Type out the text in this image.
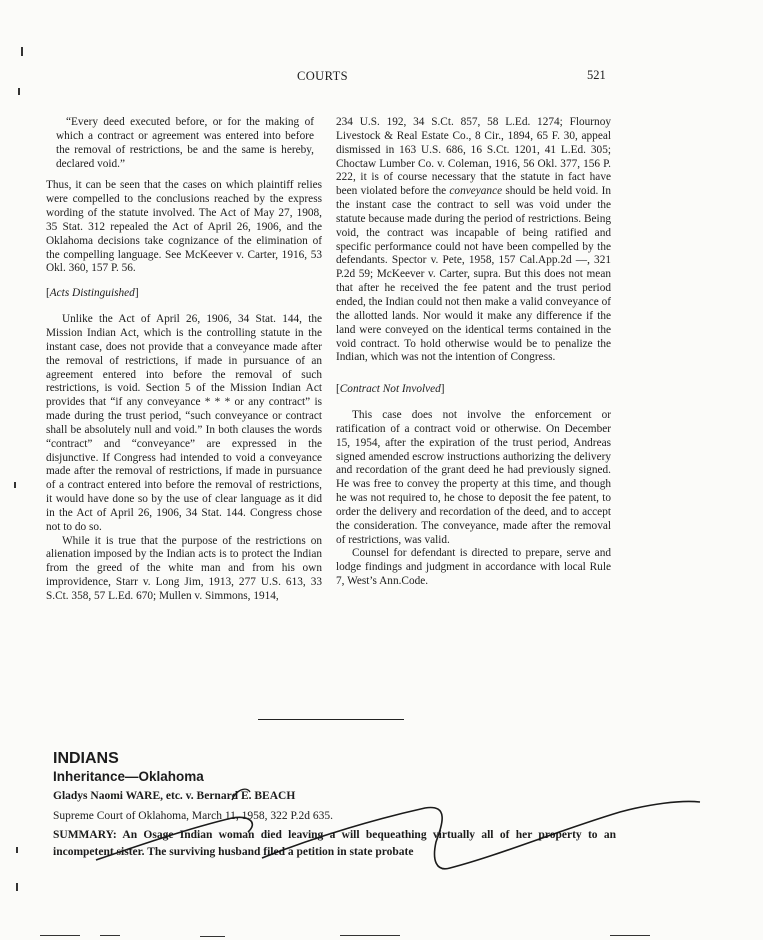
COURTS	521

“Every deed executed before, or for the making of which a contract or agreement was entered into before the removal of restrictions, be and the same is hereby, declared void.”

Thus, it can be seen that the cases on which plaintiff relies were compelled to the conclusions reached by the express wording of the statute involved. The Act of May 27, 1908, 35 Stat. 312 repealed the Act of April 26, 1906, and the Oklahoma decisions take cognizance of the elimination of the compelling language. See McKeever v. Carter, 1916, 53 Okl. 360, 157 P. 56.

[Acts Distinguished]

Unlike the Act of April 26, 1906, 34 Stat. 144, the Mission Indian Act, which is the controlling statute in the instant case, does not provide that a conveyance made after the removal of restrictions, if made in pursuance of an agreement entered into before the removal of such restrictions, is void. Section 5 of the Mission Indian Act provides that “if any conveyance * * * or any contract” is made during the trust period, “such conveyance or contract shall be absolutely null and void.” In both clauses the words “contract” and “conveyance” are expressed in the disjunctive. If Congress had intended to void a conveyance made after the removal of restrictions, if made in pursuance of a contract entered into before the removal of restrictions, it would have done so by the use of clear language as it did in the Act of April 26, 1906, 34 Stat. 144. Congress chose not to do so.

While it is true that the purpose of the restrictions on alienation imposed by the Indian acts is to protect the Indian from the greed of the white man and from his own improvidence, Starr v. Long Jim, 1913, 277 U.S. 613, 33 S.Ct. 358, 57 L.Ed. 670; Mullen v. Simmons, 1914,

234 U.S. 192, 34 S.Ct. 857, 58 L.Ed. 1274; Flournoy Livestock & Real Estate Co., 8 Cir., 1894, 65 F. 30, appeal dismissed in 163 U.S. 686, 16 S.Ct. 1201, 41 L.Ed. 305; Choctaw Lumber Co. v. Coleman, 1916, 56 Okl. 377, 156 P. 222, it is of course necessary that the statute in fact have been violated before the conveyance should be held void. In the instant case the contract to sell was void under the statute because made during the period of restrictions. Being void, the contract was incapable of being ratified and specific performance could not have been compelled by the defendants. Spector v. Pete, 1958, 157 Cal.App.2d —, 321 P.2d 59; McKeever v. Carter, supra. But this does not mean that after he received the fee patent and the trust period ended, the Indian could not then make a valid conveyance of the allotted lands. Nor would it make any difference if the land were conveyed on the identical terms contained in the void contract. To hold otherwise would be to penalize the Indian, which was not the intention of Congress.

[Contract Not Involved]

This case does not involve the enforcement or ratification of a contract void or otherwise. On December 15, 1954, after the expiration of the trust period, Andreas signed amended escrow instructions authorizing the delivery and recordation of the grant deed he had previously signed. He was free to convey the property at this time, and though he was not required to, he chose to deposit the fee patent, to order the delivery and recordation of the deed, and to accept the consideration. The conveyance, made after the removal of restrictions, was valid.

Counsel for defendant is directed to prepare, serve and lodge findings and judgment in accordance with local Rule 7, West’s Ann.Code.

INDIANS
Inheritance—Oklahoma
Gladys Naomi WARE, etc. v. Bernard E. BEACH
Supreme Court of Oklahoma, March 11, 1958, 322 P.2d 635.
SUMMARY: An Osage Indian woman died leaving a will bequeathing virtually all of her property to an incompetent sister. The surviving husband filed a petition in state probate
